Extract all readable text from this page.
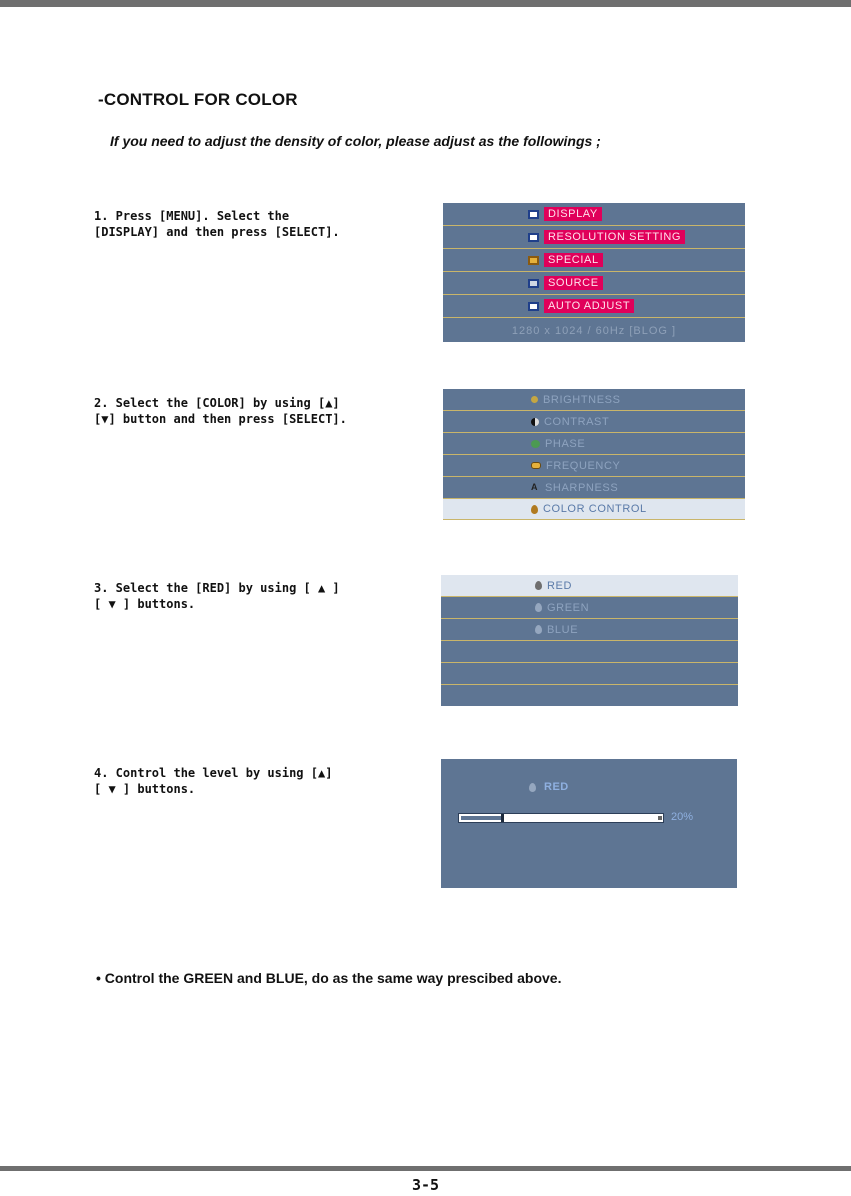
-CONTROL FOR COLOR
If you need to adjust the density of color, please adjust as the followings ;
1. Press [MENU]. Select the
[DISPLAY] and then press [SELECT].
2. Select the [COLOR] by using [▲]
[▼] button and then press [SELECT].
3. Select the [RED] by using [ ▲ ]
[ ▼ ] buttons.
4. Control the level by using [▲]
[ ▼ ] buttons.
DISPLAY
RESOLUTION SETTING
SPECIAL
SOURCE
AUTO ADJUST
1280 x 1024 / 60Hz [BLOG ]
BRIGHTNESS
CONTRAST
PHASE
FREQUENCY
A SHARPNESS
COLOR CONTROL
RED
GREEN
BLUE
RED
20%
• Control the GREEN and BLUE, do as the same way prescibed above.
3-5
